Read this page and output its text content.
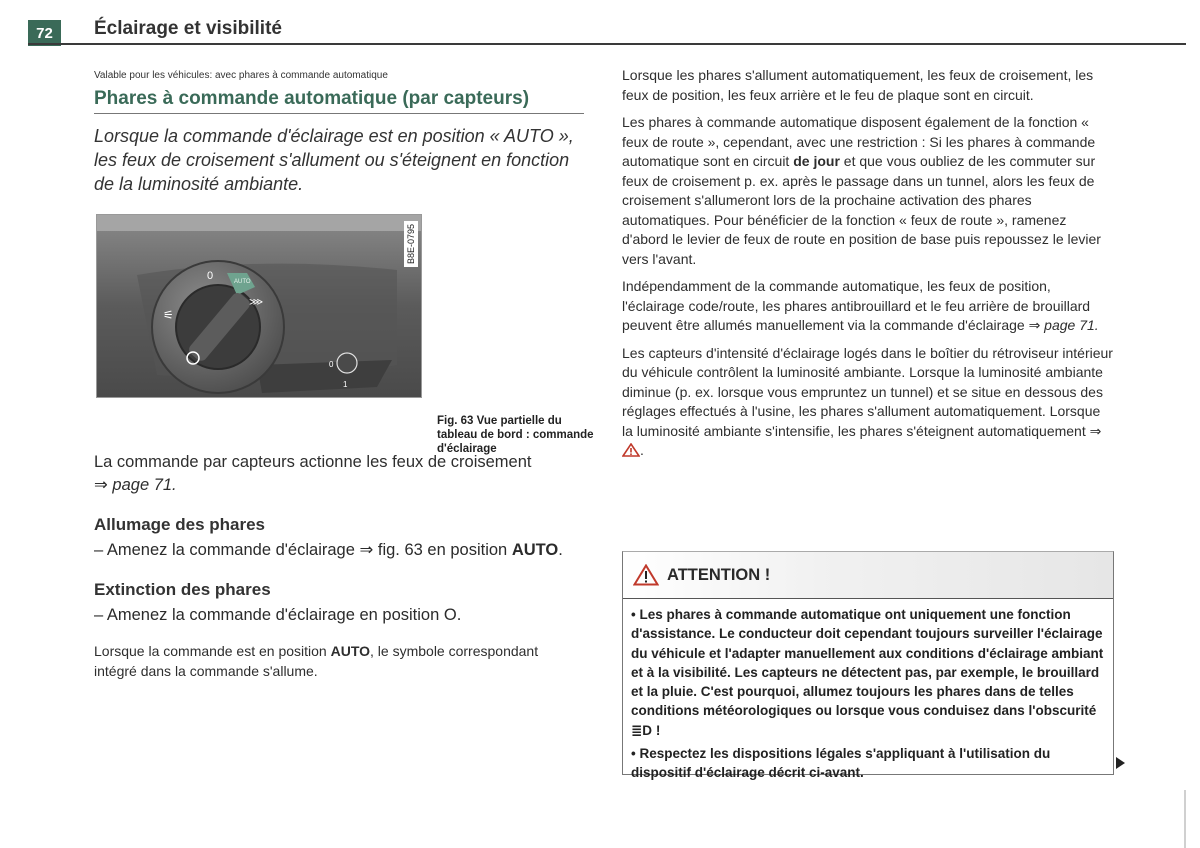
72	Éclairage et visibilité

Valable pour les véhicules: avec phares à commande automatique

Phares à commande automatique (par capteurs)

Lorsque la commande d'éclairage est en position « AUTO », les feux de croisement s'allument ou s'éteignent en fonction de la luminosité ambiante.

0	AUTO
⚟
⋙
0
1
B8E-0795
Fig. 63 Vue partielle du tableau de bord : commande d'éclairage

La commande par capteurs actionne les feux de croisement
⇒ page 71.

Allumage des phares

– Amenez la commande d'éclairage ⇒ fig. 63 en position AUTO.

Extinction des phares

– Amenez la commande d'éclairage en position O.

Lorsque la commande est en position AUTO, le symbole correspondant intégré dans la commande s'allume.

Lorsque les phares s'allument automatiquement, les feux de croisement, les feux de position, les feux arrière et le feu de plaque sont en circuit.

Les phares à commande automatique disposent également de la fonction « feux de route », cependant, avec une restriction : Si les phares à commande automatique sont en circuit de jour et que vous oubliez de les commuter sur feux de croisement p. ex. après le passage dans un tunnel, alors les feux de croisement s'allumeront lors de la prochaine activation des phares automatiques. Pour bénéficier de la fonction « feux de route », ramenez d'abord le levier de feux de route en position de base puis repoussez le levier vers l'avant.

Indépendamment de la commande automatique, les feux de position, l'éclairage code/route, les phares antibrouillard et le feu arrière de brouillard peuvent être allumés manuellement via la commande d'éclairage ⇒ page 71.

Les capteurs d'intensité d'éclairage logés dans le boîtier du rétroviseur intérieur du véhicule contrôlent la luminosité ambiante. Lorsque la luminosité ambiante diminue (p. ex. lorsque vous empruntez un tunnel) et se situe en dessous des réglages effectués à l'usine, les phares s'allument automatiquement. Lorsque la luminosité ambiante s'intensifie, les phares s'éteignent automatiquement ⇒ .

ATTENTION !

• Les phares à commande automatique ont uniquement une fonction d'assistance. Le conducteur doit cependant toujours surveiller l'éclairage du véhicule et l'adapter manuellement aux conditions d'éclairage ambiant et à la visibilité. Les capteurs ne détectent pas, par exemple, le brouillard et la pluie. C'est pourquoi, allumez toujours les phares dans de telles conditions météorologiques ou lorsque vous conduisez dans l'obscurité ≣D !

• Respectez les dispositions légales s'appliquant à l'utilisation du dispositif d'éclairage décrit ci-avant.
